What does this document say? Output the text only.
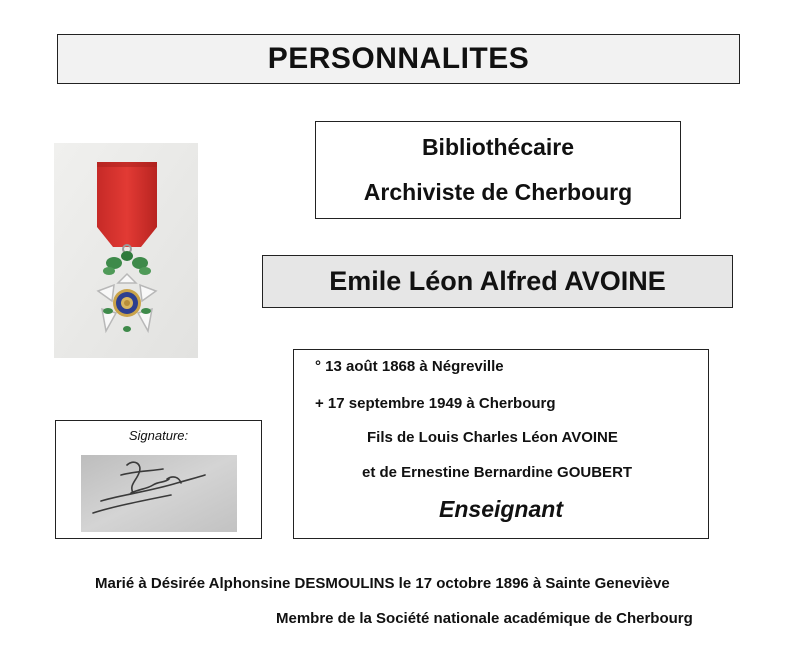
PERSONNALITES
Bibliothécaire
Archiviste de Cherbourg
Emile Léon Alfred AVOINE
° 13 août 1868 à Négreville
+ 17 septembre 1949 à Cherbourg
Fils de Louis Charles Léon AVOINE
et de Ernestine Bernardine GOUBERT
Enseignant
Signature:
Marié à Désirée Alphonsine DESMOULINS le 17 octobre 1896 à Sainte Geneviève
Membre de la Société nationale académique de Cherbourg
